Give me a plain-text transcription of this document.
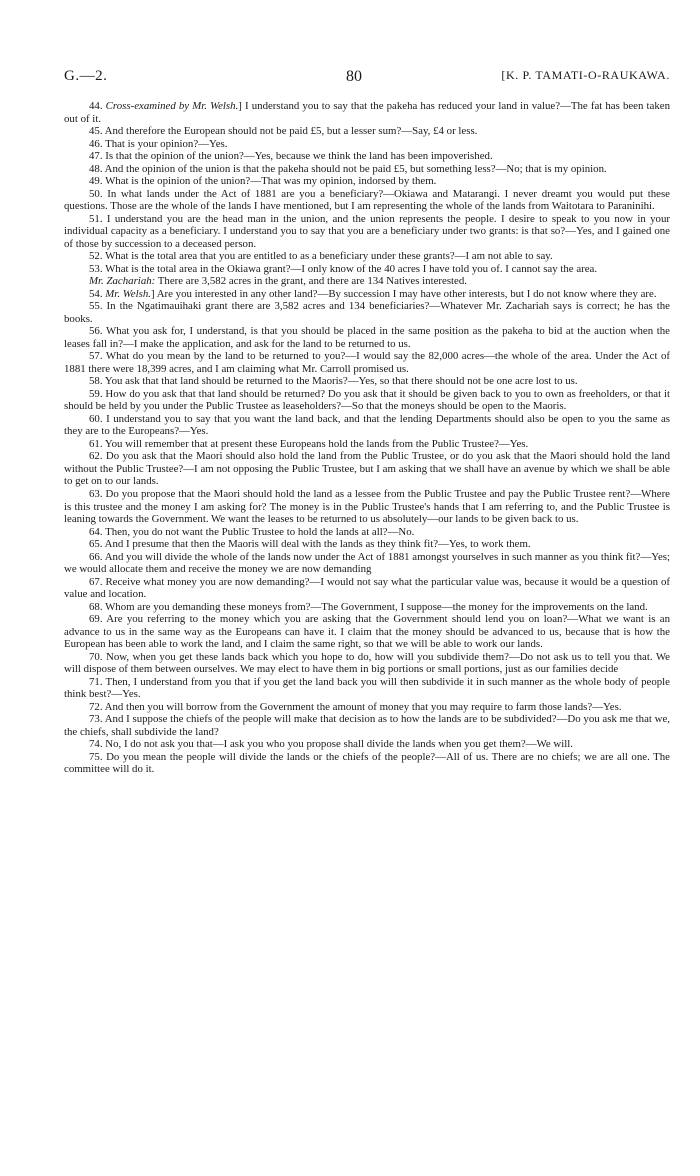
G.—2.	80	[K. P. TAMATI-O-RAUKAWA.

44. Cross-examined by Mr. Welsh.] I understand you to say that the pakeha has reduced your land in value?—The fat has been taken out of it.

45. And therefore the European should not be paid £5, but a lesser sum?—Say, £4 or less.

46. That is your opinion?—Yes.

47. Is that the opinion of the union?—Yes, because we think the land has been impoverished.

48. And the opinion of the union is that the pakeha should not be paid £5, but something less?—No; that is my opinion.

49. What is the opinion of the union?—That was my opinion, indorsed by them.

50. In what lands under the Act of 1881 are you a beneficiary?—Okiawa and Matarangi. I never dreamt you would put these questions. Those are the whole of the lands I have mentioned, but I am representing the whole of the lands from Waitotara to Paraninihi.

51. I understand you are the head man in the union, and the union represents the people. I desire to speak to you now in your individual capacity as a beneficiary. I understand you to say that you are a beneficiary under two grants: is that so?—Yes, and I gained one of those by succession to a deceased person.

52. What is the total area that you are entitled to as a beneficiary under these grants?—I am not able to say.

53. What is the total area in the Okiawa grant?—I only know of the 40 acres I have told you of. I cannot say the area.

Mr. Zachariah: There are 3,582 acres in the grant, and there are 134 Natives interested.

54. Mr. Welsh.] Are you interested in any other land?—By succession I may have other interests, but I do not know where they are.

55. In the Ngatimauihaki grant there are 3,582 acres and 134 beneficiaries?—Whatever Mr. Zachariah says is correct; he has the books.

56. What you ask for, I understand, is that you should be placed in the same position as the pakeha to bid at the auction when the leases fall in?—I make the application, and ask for the land to be returned to us.

57. What do you mean by the land to be returned to you?—I would say the 82,000 acres—the whole of the area. Under the Act of 1881 there were 18,399 acres, and I am claiming what Mr. Carroll promised us.

58. You ask that that land should be returned to the Maoris?—Yes, so that there should not be one acre lost to us.

59. How do you ask that that land should be returned? Do you ask that it should be given back to you to own as freeholders, or that it should be held by you under the Public Trustee as leaseholders?—So that the moneys should be open to the Maoris.

60. I understand you to say that you want the land back, and that the lending Departments should also be open to you the same as they are to the Europeans?—Yes.

61. You will remember that at present these Europeans hold the lands from the Public Trustee?—Yes.

62. Do you ask that the Maori should also hold the land from the Public Trustee, or do you ask that the Maori should hold the land without the Public Trustee?—I am not opposing the Public Trustee, but I am asking that we shall have an avenue by which we shall be able to get on to our lands.

63. Do you propose that the Maori should hold the land as a lessee from the Public Trustee and pay the Public Trustee rent?—Where is this trustee and the money I am asking for? The money is in the Public Trustee's hands that I am referring to, and the Public Trustee is leaning towards the Government. We want the leases to be returned to us absolutely—our lands to be given back to us.

64. Then, you do not want the Public Trustee to hold the lands at all?—No.

65. And I presume that then the Maoris will deal with the lands as they think fit?—Yes, to work them.

66. And you will divide the whole of the lands now under the Act of 1881 amongst yourselves in such manner as you think fit?—Yes; we would allocate them and receive the money we are now demanding

67. Receive what money you are now demanding?—I would not say what the particular value was, because it would be a question of value and location.

68. Whom are you demanding these moneys from?—The Government, I suppose—the money for the improvements on the land.

69. Are you referring to the money which you are asking that the Government should lend you on loan?—What we want is an advance to us in the same way as the Europeans can have it. I claim that the money should be advanced to us, because that is how the European has been able to work the land, and I claim the same right, so that we will be able to work our lands.

70. Now, when you get these lands back which you hope to do, how will you subdivide them?—Do not ask us to tell you that. We will dispose of them between ourselves. We may elect to have them in big portions or small portions, just as our families decide

71. Then, I understand from you that if you get the land back you will then subdivide it in such manner as the whole body of people think best?—Yes.

72. And then you will borrow from the Government the amount of money that you may require to farm those lands?—Yes.

73. And I suppose the chiefs of the people will make that decision as to how the lands are to be subdivided?—Do you ask me that we, the chiefs, shall subdivide the land?

74. No, I do not ask you that—I ask you who you propose shall divide the lands when you get them?—We will.

75. Do you mean the people will divide the lands or the chiefs of the people?—All of us. There are no chiefs; we are all one. The committee will do it.
